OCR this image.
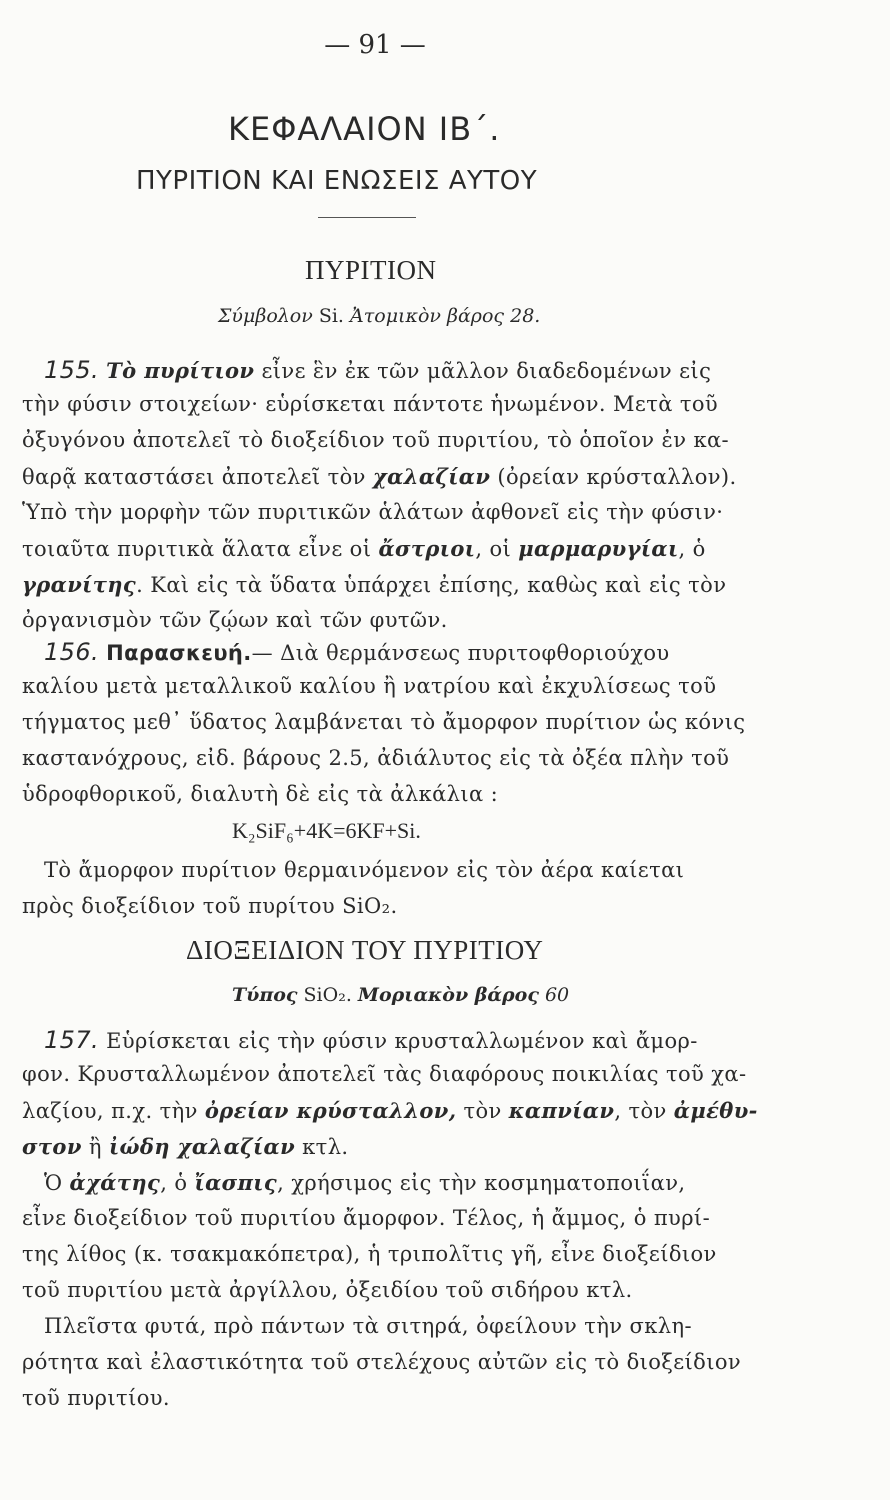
— 91 —
ΚΕΦΑΛΑΙΟΝ ΙΒ΄.
ΠΥΡΙΤΙΟΝ ΚΑΙ ΕΝΩΣΕΙΣ ΑΥΤΟΥ
ΠΥΡΙΤΙΟΝ
Σύμβολον Si. Ἀτομικὸν βάρος 28.
155. Τὸ πυρίτιον εἶνε ἓν ἐκ τῶν μᾶλλον διαδεδομένων εἰς
τὴν φύσιν στοιχείων· εὑρίσκεται πάντοτε ἡνωμένον. Μετὰ τοῦ
ὀξυγόνου ἀποτελεῖ τὸ διοξείδιον τοῦ πυριτίου, τὸ ὁποῖον ἐν κα-
θαρᾷ καταστάσει ἀποτελεῖ τὸν χαλαζίαν (ὀρείαν κρύσταλλον).
Ὑπὸ τὴν μορφὴν τῶν πυριτικῶν ἁλάτων ἀφθονεῖ εἰς τὴν φύσιν·
τοιαῦτα πυριτικὰ ἅλατα εἶνε οἱ ἄστριοι, οἱ μαρμαρυγίαι, ὁ
γρανίτης. Καὶ εἰς τὰ ὕδατα ὑπάρχει ἐπίσης, καθὼς καὶ εἰς τὸν
ὀργανισμὸν τῶν ζῴων καὶ τῶν φυτῶν.
156. Παρασκευή.— Διὰ θερμάνσεως πυριτοφθοριούχου
καλίου μετὰ μεταλλικοῦ καλίου ἢ νατρίου καὶ ἐκχυλίσεως τοῦ
τήγματος μεθ᾽ ὕδατος λαμβάνεται τὸ ἄμορφον πυρίτιον ὡς κόνις
καστανόχρους, εἰδ. βάρους 2.5, ἀδιάλυτος εἰς τὰ ὀξέα πλὴν τοῦ
ὑδροφθορικοῦ, διαλυτὴ δὲ εἰς τὰ ἀλκάλια :
K₂SiF₆+4K=6KF+Si.
Τὸ ἄμορφον πυρίτιον θερμαινόμενον εἰς τὸν ἀέρα καίεται
πρὸς διοξείδιον τοῦ πυρίτου SiO₂.
ΔΙΟΞΕΙΔΙΟΝ ΤΟΥ ΠΥΡΙΤΙΟΥ
Τύπος SiO₂. Μοριακὸν βάρος 60
157. Εὑρίσκεται εἰς τὴν φύσιν κρυσταλλωμένον καὶ ἄμορ-
φον. Κρυσταλλωμένον ἀποτελεῖ τὰς διαφόρους ποικιλίας τοῦ χα-
λαζίου, π.χ. τὴν ὀρείαν κρύσταλλον, τὸν καπνίαν, τὸν ἀμέθυ-
στον ἢ ἰώδη χαλαζίαν κτλ.
Ὁ ἀχάτης, ὁ ἴασπις, χρήσιμος εἰς τὴν κοσμηματοποιΐαν,
εἶνε διοξείδιον τοῦ πυριτίου ἄμορφον. Τέλος, ἡ ἄμμος, ὁ πυρί-
της λίθος (κ. τσακμακόπετρα), ἡ τριπολῖτις γῆ, εἶνε διοξείδιον
τοῦ πυριτίου μετὰ ἀργίλλου, ὀξειδίου τοῦ σιδήρου κτλ.
Πλεῖστα φυτά, πρὸ πάντων τὰ σιτηρά, ὀφείλουν τὴν σκλη-
ρότητα καὶ ἐλαστικότητα τοῦ στελέχους αὐτῶν εἰς τὸ διοξείδιον
τοῦ πυριτίου.
